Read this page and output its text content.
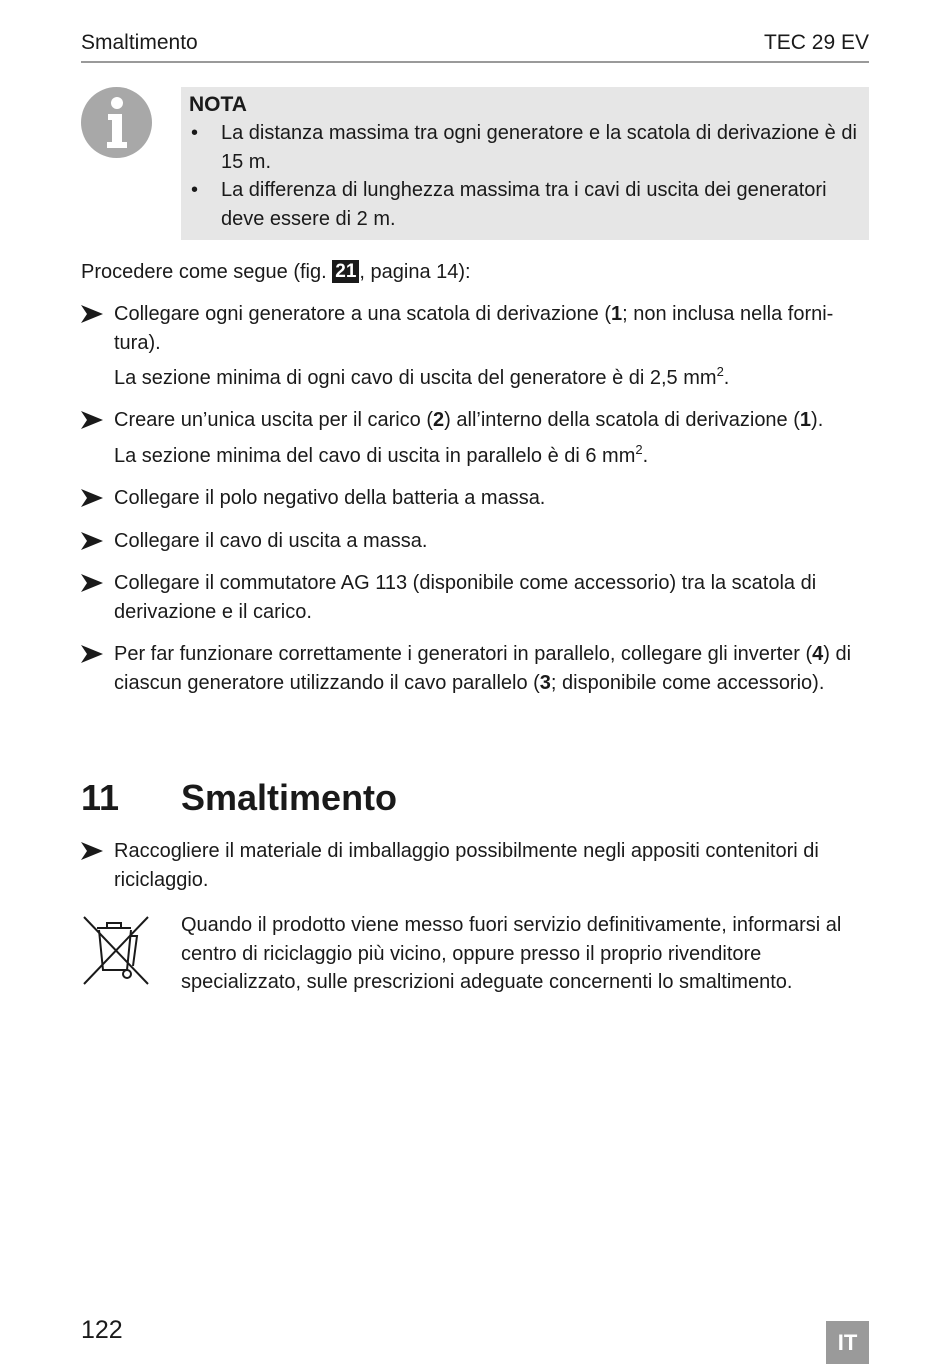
Smaltimento	TEC 29 EV
NOTA
• La distanza massima tra ogni generatore e la scatola di derivazione è di 15 m.
• La differenza di lunghezza massima tra i cavi di uscita dei generatori deve essere di 2 m.
Procedere come segue (fig. 21 , pagina 14):
Collegare ogni generatore a una scatola di derivazione (1; non inclusa nella forni-tura).
La sezione minima di ogni cavo di uscita del generatore è di 2,5 $mm^2$.
Creare un’unica uscita per il carico (2) all’interno della scatola di derivazione (1).
La sezione minima del cavo di uscita in parallelo è di 6 $mm^2$.
Collegare il polo negativo della batteria a massa.
Collegare il cavo di uscita a massa.
Collegare il commutatore AG 113 (disponibile come accessorio) tra la scatola di derivazione e il carico.
Per far funzionare correttamente i generatori in parallelo, collegare gli inverter (4) di ciascun generatore utilizzando il cavo parallelo (3; disponibile come accessorio).
11 Smaltimento
Raccogliere il materiale di imballaggio possibilmente negli appositi contenitori di riciclaggio.
Quando il prodotto viene messo fuori servizio definitivamente, informarsi al centro di riciclaggio più vicino, oppure presso il proprio rivenditore specializzato, sulle prescrizioni adeguate concernenti lo smaltimento.
122	IT
